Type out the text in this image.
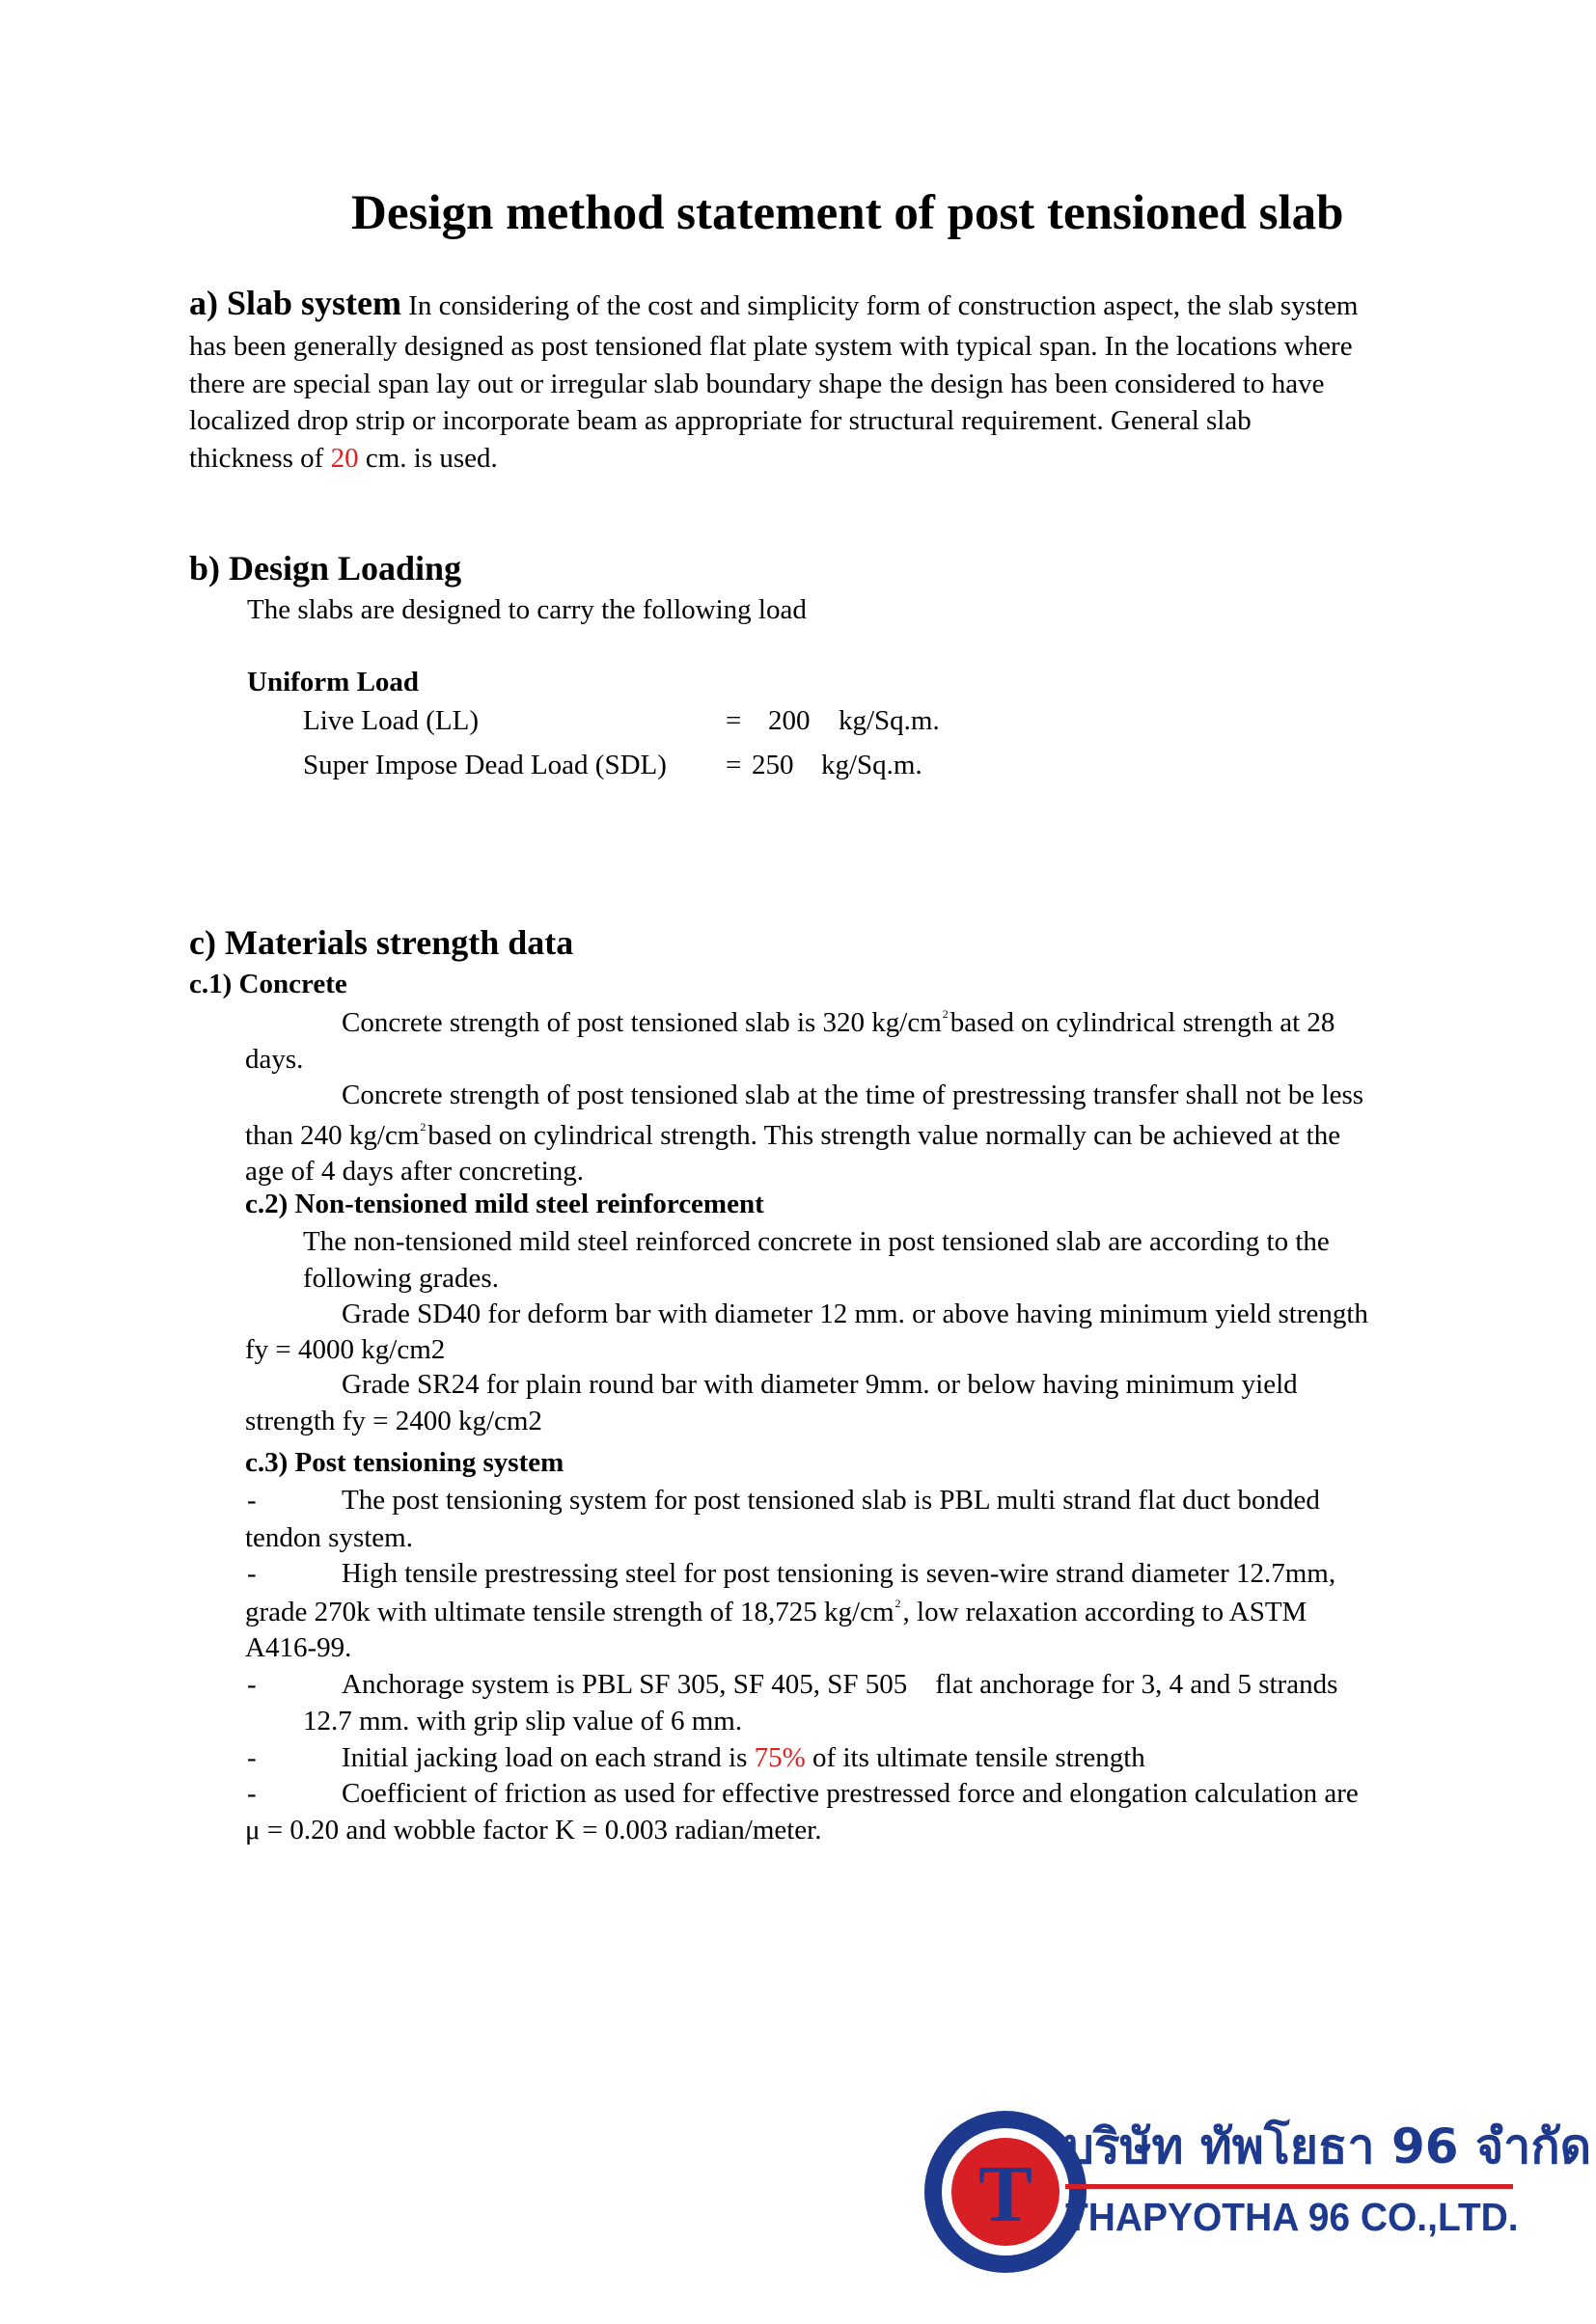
Design method statement of post tensioned slab
a) Slab system In considering of the cost and simplicity form of construction aspect, the slab system
has been generally designed as post tensioned flat plate system with typical span. In the locations where
there are special span lay out or irregular slab boundary shape the design has been considered to have
localized drop strip or incorporate beam as appropriate for structural requirement. General slab
thickness of 20 cm. is used.
b) Design Loading
The slabs are designed to carry the following load
Uniform Load
Live Load (LL)	= 200 kg/Sq.m.
Super Impose Dead Load (SDL) = 250 kg/Sq.m.
c) Materials strength data
c.1) Concrete
Concrete strength of post tensioned slab is 320 $kg/cm^2based$ on cylindrical strength at 28
days.
Concrete strength of post tensioned slab at the time of prestressing transfer shall not be less
than 240 $kg/cm^2based$ on cylindrical strength. This strength value normally can be achieved at the
age of 4 days after concreting.
c.2) Non-tensioned mild steel reinforcement
The non-tensioned mild steel reinforced concrete in post tensioned slab are according to the
following grades.
Grade SD40 for deform bar with diameter 12 mm. or above having minimum yield strength
fy = 4000 kg/cm2
Grade SR24 for plain round bar with diameter 9mm. or below having minimum yield
strength fy = 2400 kg/cm2
c.3) Post tensioning system
-	The post tensioning system for post tensioned slab is PBL multi strand flat duct bonded
tendon system.
-	High tensile prestressing steel for post tensioning is seven-wire strand diameter 12.7mm,
grade 270k with ultimate tensile strength of 18,725 $kg/cm^2$, low relaxation according to ASTM
A416-99.
-	Anchorage system is PBL SF 305, SF 405, SF 505    flat anchorage for 3, 4 and 5 strands
12.7 mm. with grip slip value of 6 mm.
-	Initial jacking load on each strand is 75% of its ultimate tensile strength
-	Coefficient of friction as used for effective prestressed force and elongation calculation are
μ = 0.20 and wobble factor K = 0.003 radian/meter.
T
บริษัท ทัพโยธา 96 จำกัด
THAPYOTHA 96 CO.,LTD.
